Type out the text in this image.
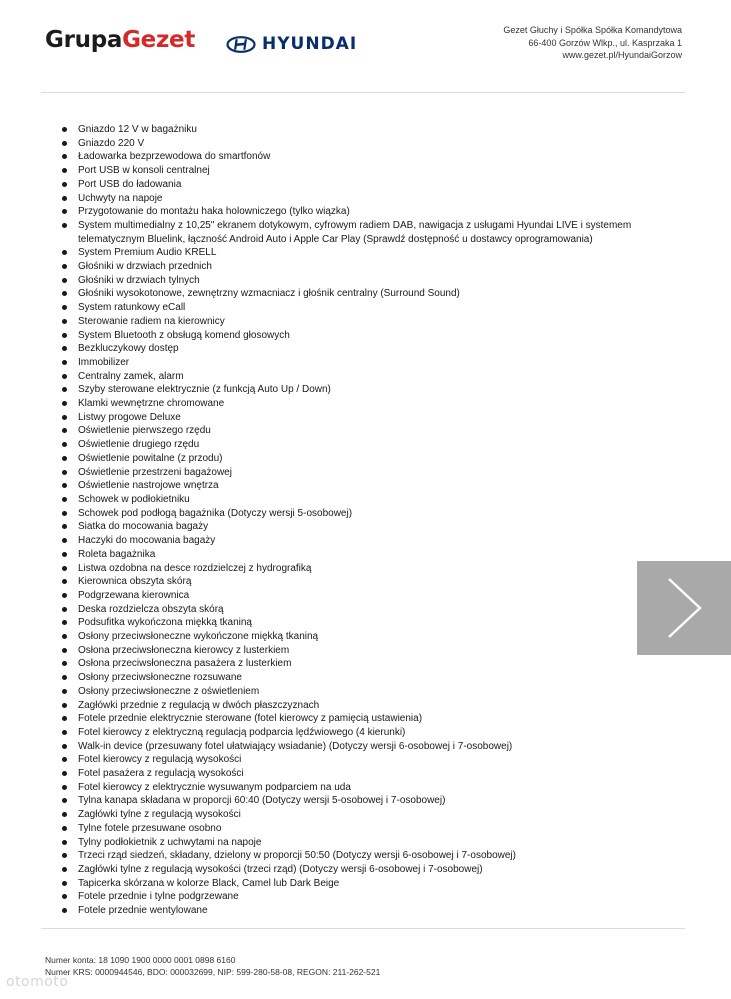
GrupaGezet	HYUNDAI
Gezet Głuchy i Spółka Spółka Komandytowa
66-400 Gorzów Wlkp., ul. Kasprzaka 1
www.gezet.pl/HyundaiGorzow
Gniazdo 12 V w bagażniku
Gniazdo 220 V
Ładowarka bezprzewodowa do smartfonów
Port USB w konsoli centralnej
Port USB do ładowania
Uchwyty na napoje
Przygotowanie do montażu haka holowniczego (tylko wiązka)
System multimedialny z 10,25" ekranem dotykowym, cyfrowym radiem DAB, nawigacja z usługami Hyundai LIVE i systemem telematycznym Bluelink, łączność Android Auto i Apple Car Play (Sprawdź dostępność u dostawcy oprogramowania)
System Premium Audio KRELL
Głośniki w drzwiach przednich
Głośniki w drzwiach tylnych
Głośniki wysokotonowe, zewnętrzny wzmacniacz i głośnik centralny (Surround Sound)
System ratunkowy eCall
Sterowanie radiem na kierownicy
System Bluetooth z obsługą komend głosowych
Bezkluczykowy dostęp
Immobilizer
Centralny zamek, alarm
Szyby sterowane elektrycznie (z funkcją Auto Up / Down)
Klamki wewnętrzne chromowane
Listwy progowe Deluxe
Oświetlenie pierwszego rzędu
Oświetlenie drugiego rzędu
Oświetlenie powitalne (z przodu)
Oświetlenie przestrzeni bagażowej
Oświetlenie nastrojowe wnętrza
Schowek w podłokietniku
Schowek pod podłogą bagażnika (Dotyczy wersji 5-osobowej)
Siatka do mocowania bagaży
Haczyki do mocowania bagaży
Roleta bagażnika
Listwa ozdobna na desce rozdzielczej z hydrografiką
Kierownica obszyta skórą
Podgrzewana kierownica
Deska rozdzielcza obszyta skórą
Podsufitka wykończona miękką tkaniną
Osłony przeciwsłoneczne wykończone miękką tkaniną
Osłona przeciwsłoneczna kierowcy z lusterkiem
Osłona przeciwsłoneczna pasażera z lusterkiem
Osłony przeciwsłoneczne rozsuwane
Osłony przeciwsłoneczne z oświetleniem
Zagłówki przednie z regulacją w dwóch płaszczyznach
Fotele przednie elektrycznie sterowane (fotel kierowcy z pamięcią ustawienia)
Fotel kierowcy z elektryczną regulacją podparcia lędźwiowego (4 kierunki)
Walk-in device (przesuwany fotel ułatwiający wsiadanie) (Dotyczy wersji 6-osobowej i 7-osobowej)
Fotel kierowcy z regulacją wysokości
Fotel pasażera z regulacją wysokości
Fotel kierowcy z elektrycznie wysuwanym podparciem na uda
Tylna kanapa składana w proporcji 60:40 (Dotyczy wersji 5-osobowej i 7-osobowej)
Zagłówki tylne z regulacją wysokości
Tylne fotele przesuwane osobno
Tylny podłokietnik z uchwytami na napoje
Trzeci rząd siedzeń, składany, dzielony w proporcji 50:50 (Dotyczy wersji 6-osobowej i 7-osobowej)
Zagłówki tylne z regulacją wysokości (trzeci rząd) (Dotyczy wersji 6-osobowej i 7-osobowej)
Tapicerka skórzana w kolorze Black, Camel lub Dark Beige
Fotele przednie i tylne podgrzewane
Fotele przednie wentylowane
Numer konta: 18 1090 1900 0000 0001 0898 6160
Numer KRS: 0000944546, BDO: 000032699, NIP: 599-280-58-08, REGON: 211-262-521
otomoto
